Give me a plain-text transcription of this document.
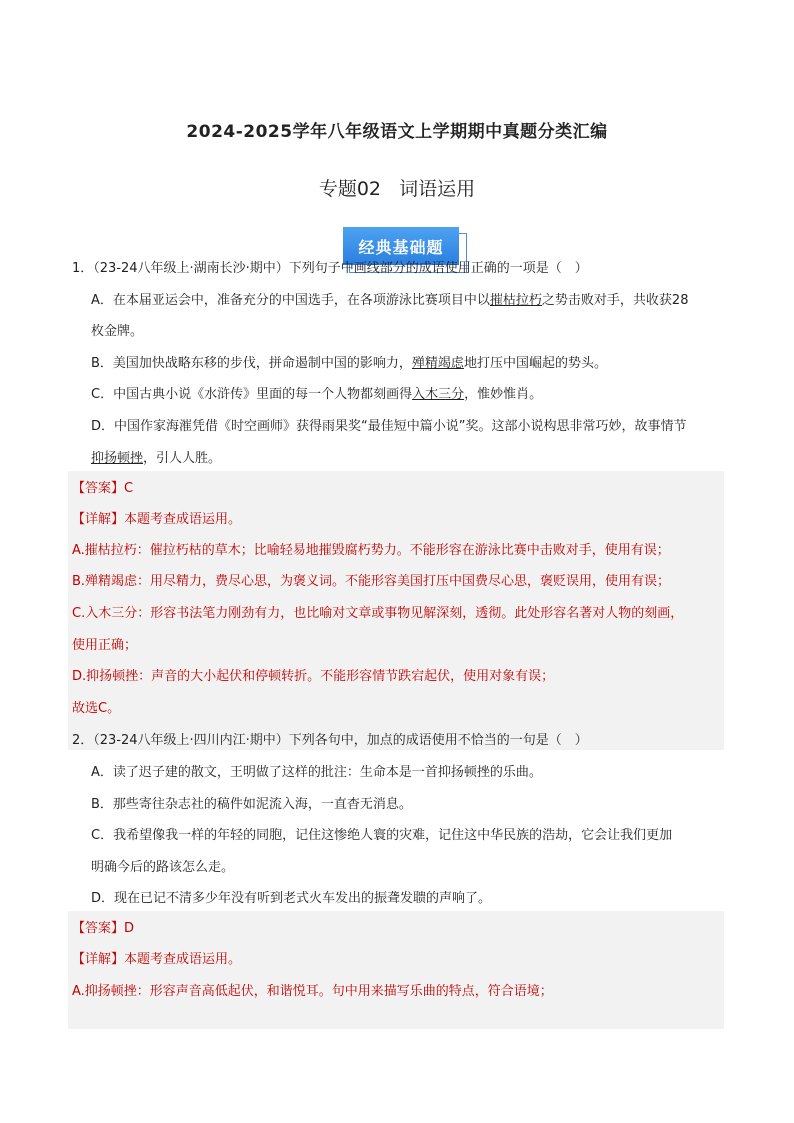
2024-2025学年八年级语文上学期期中真题分类汇编
专题02   词语运用
经典基础题
1．（23-24八年级上·湖南长沙·期中）下列句子中画线部分的成语使用正确的一项是（　）
A．在本届亚运会中，准备充分的中国选手，在各项游泳比赛项目中以摧枯拉朽之势击败对手，共收获28
枚金牌。
B．美国加快战略东移的步伐，拼命遏制中国的影响力，殚精竭虑地打压中国崛起的势头。
C．中国古典小说《水浒传》里面的每一个人物都刻画得入木三分，惟妙惟肖。
D．中国作家海漼凭借《时空画师》获得雨果奖“最佳短中篇小说”奖。这部小说构思非常巧妙，故事情节
抑扬顿挫，引人人胜。
【答案】C
【详解】本题考查成语运用。
A.摧枯拉朽：催拉朽枯的草木；比喻轻易地摧毁腐朽势力。不能形容在游泳比赛中击败对手，使用有误；
B.殚精竭虑：用尽精力，费尽心思，为褒义词。不能形容美国打压中国费尽心思，褒贬误用，使用有误；
C.入木三分：形容书法笔力刚劲有力，也比喻对文章或事物见解深刻，透彻。此处形容名著对人物的刻画，
使用正确；
D.抑扬顿挫：声音的大小起伏和停顿转折。不能形容情节跌宕起伏，使用对象有误；
故选C。
2．（23-24八年级上·四川内江·期中）下列各句中，加点的成语使用不恰当的一句是（　）
A．读了迟子建的散文，王明做了这样的批注：生命本是一首抑扬顿挫的乐曲。
B．那些寄往杂志社的稿件如泥流入海，一直杳无消息。
C．我希望像我一样的年轻的同胞，记住这惨绝人寰的灾难，记住这中华民族的浩劫，它会让我们更加
明确今后的路该怎么走。
D．现在已记不清多少年没有听到老式火车发出的振聋发聩的声响了。
【答案】D
【详解】本题考查成语运用。
A.抑扬顿挫：形容声音高低起伏，和谐悦耳。句中用来描写乐曲的特点，符合语境；
